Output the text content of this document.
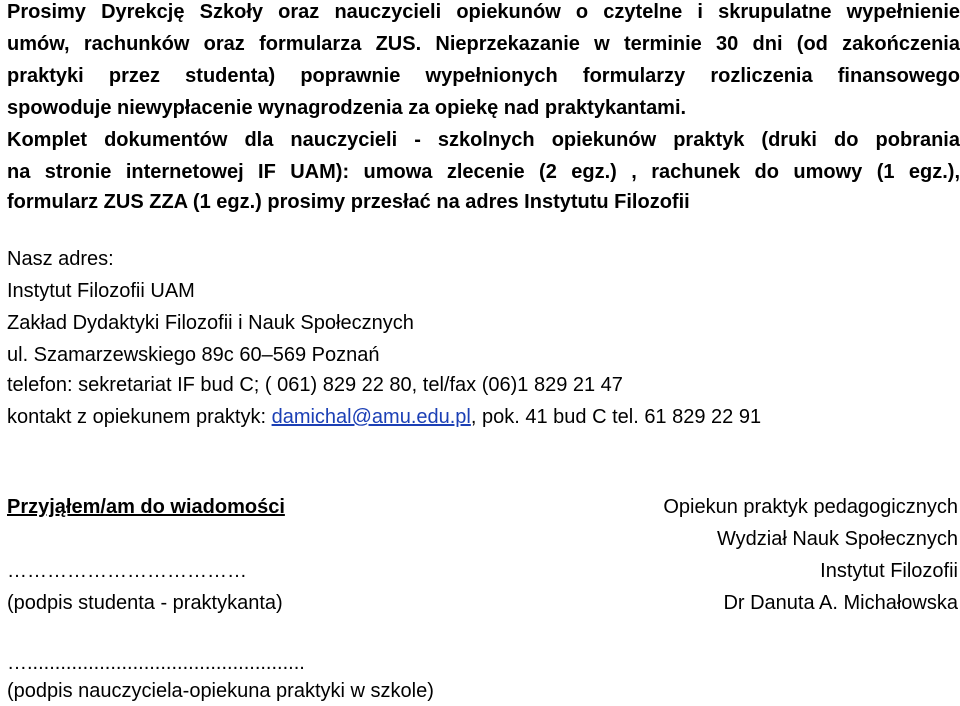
Prosimy Dyrekcję Szkoły oraz nauczycieli opiekunów o czytelne i skrupulatne wypełnienie
umów, rachunków oraz formularza ZUS. Nieprzekazanie w terminie 30 dni (od zakończenia
praktyki przez studenta) poprawnie wypełnionych formularzy rozliczenia finansowego
spowoduje niewypłacenie wynagrodzenia za opiekę nad praktykantami.
Komplet dokumentów dla nauczycieli - szkolnych opiekunów praktyk (druki do pobrania
na stronie internetowej IF UAM): umowa zlecenie (2 egz.) , rachunek do umowy (1 egz.),
formularz ZUS ZZA (1 egz.) prosimy przesłać na adres Instytutu Filozofii
Nasz adres:
Instytut Filozofii UAM
Zakład Dydaktyki Filozofii i Nauk Społecznych
ul. Szamarzewskiego 89c 60–569 Poznań
telefon: sekretariat IF bud C; ( 061) 829 22 80, tel/fax (06)1 829 21 47
kontakt z opiekunem praktyk: damichal@amu.edu.pl, pok. 41 bud C tel. 61 829 22 91
Przyjąłem/am do wiadomości
………………………………
(podpis studenta - praktykanta)
Opiekun praktyk pedagogicznych
Wydział Nauk Społecznych
Instytut Filozofii
Dr Danuta A. Michałowska
…..................................................
(podpis nauczyciela-opiekuna praktyki w szkole)
